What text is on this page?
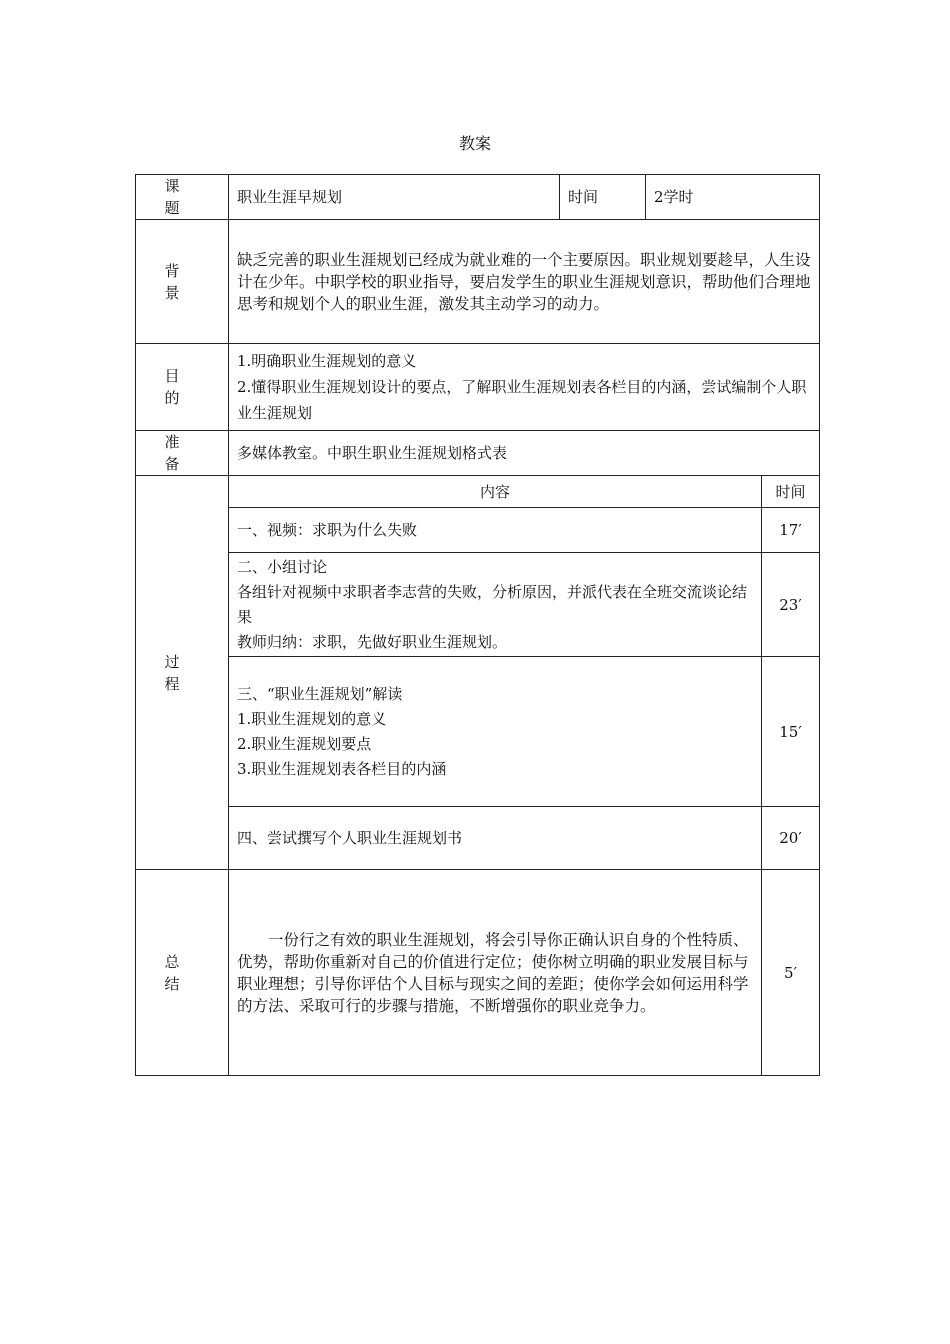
教案
课　题	职业生涯早规划	时间	2学时	
背　景	缺乏完善的职业生涯规划已经成为就业难的一个主要原因。职业规划要趁早，人生设计在少年。中职学校的职业指导，要启发学生的职业生涯规划意识，帮助他们合理地思考和规划个人的职业生涯，激发其主动学习的动力。			
目　的	1.明确职业生涯规划的意义
2.懂得职业生涯规划设计的要点，了解职业生涯规划表各栏目的内涵，尝试编制个人职业生涯规划			

准　备	多媒体教室。中职生职业生涯规划格式表			
过　程	内容			时间

	一、视频：求职为什么失败			17′

	二、小组讨论
各组针对视频中求职者李志营的失败，分析原因，并派代表在全班交流谈论结果
教师归纳：求职，先做好职业生涯规划。			23′

	三、“职业生涯规划”解读
1.职业生涯规划的意义
2.职业生涯规划要点
3.职业生涯规划表各栏目的内涵			15′

	四、尝试撰写个人职业生涯规划书			20′
总　结	一份行之有效的职业生涯规划，将会引导你正确认识自身的个性特质、优势，帮助你重新对自己的价值进行定位；使你树立明确的职业发展目标与职业理想；引导你评估个人目标与现实之间的差距；使你学会如何运用科学的方法、采取可行的步骤与措施，不断增强你的职业竞争力。			5′
